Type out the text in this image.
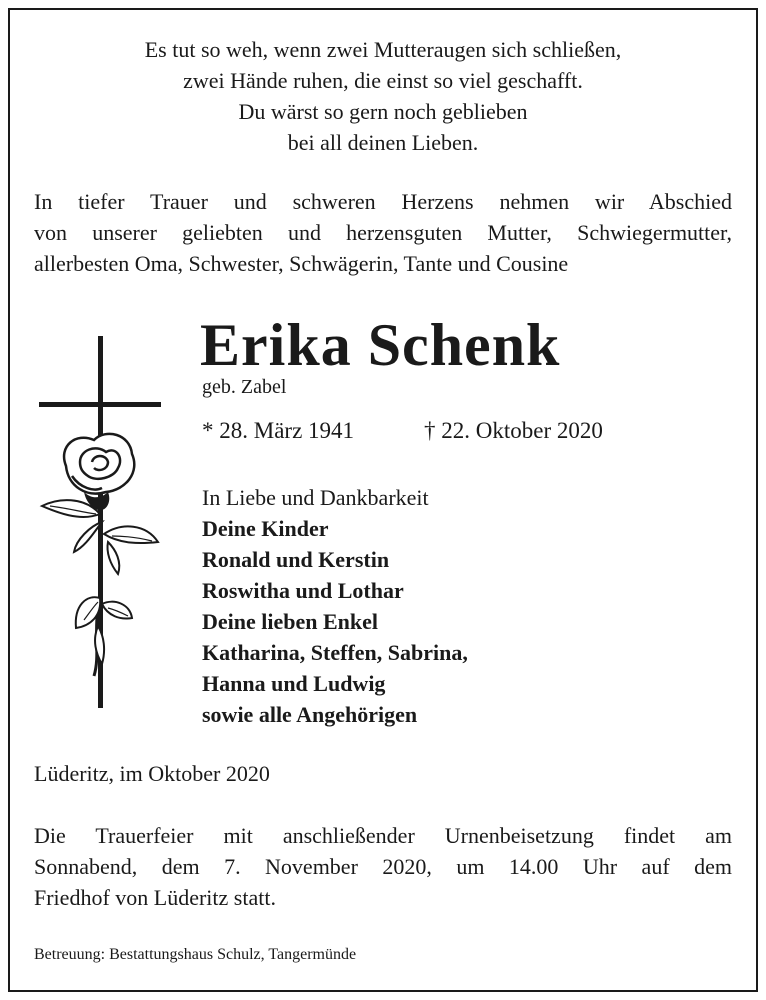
Es tut so weh, wenn zwei Mutteraugen sich schließen,
zwei Hände ruhen, die einst so viel geschafft.
Du wärst so gern noch geblieben
bei all deinen Lieben.
In tiefer Trauer und schweren Herzens nehmen wir Abschied
von unserer geliebten und herzensguten Mutter, Schwiegermutter,
allerbesten Oma, Schwester, Schwägerin, Tante und Cousine
Erika Schenk
geb. Zabel
* 28. März 1941	† 22. Oktober 2020
In Liebe und Dankbarkeit
Deine Kinder
Ronald und Kerstin
Roswitha und Lothar
Deine lieben Enkel
Katharina, Steffen, Sabrina,
Hanna und Ludwig
sowie alle Angehörigen
Lüderitz, im Oktober 2020
Die Trauerfeier mit anschließender Urnenbeisetzung findet am
Sonnabend, dem 7. November 2020, um 14.00 Uhr auf dem
Friedhof von Lüderitz statt.
Betreuung: Bestattungshaus Schulz, Tangermünde
